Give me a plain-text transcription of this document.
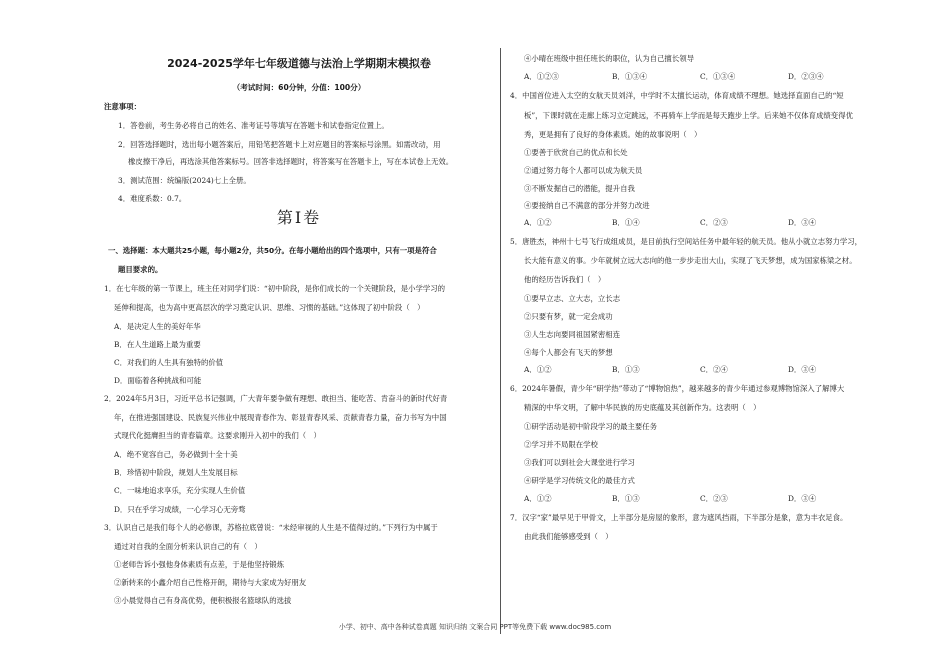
2024-2025学年七年级道德与法治上学期期末模拟卷

（考试时间：60分钟，分值：100分）

注意事项：

1．答卷前，考生务必将自己的姓名、准考证号等填写在答题卡和试卷指定位置上。

2．回答选择题时，选出每小题答案后，用铅笔把答题卡上对应题目的答案标号涂黑。如需改动，用

橡皮擦干净后，再选涂其他答案标号。回答非选择题时，将答案写在答题卡上，写在本试卷上无效。

3．测试范围：统编版(2024)七上全册。

4．难度系数：0.7。

第Ⅰ卷

一、选择题：本大题共25小题，每小题2分，共50分。在每小题给出的四个选项中，只有一项是符合

题目要求的。

1．在七年级的第一节课上，班主任对同学们说：“初中阶段，是你们成长的一个关键阶段，是小学学习的

延伸和提高，也为高中更高层次的学习奠定认识、思维、习惯的基础。”这体现了初中阶段（　）

A．是决定人生的美好年华

B．在人生道路上最为重要

C．对我们的人生具有独特的价值

D．面临着各种挑战和可能

2．2024年5月3日，习近平总书记强调，广大青年要争做有理想、敢担当、能吃苦、肯奋斗的新时代好青

年，在推进强国建设、民族复兴伟业中展现青春作为、彰显青春风采、贡献青春力量，奋力书写为中国

式现代化挺膺担当的青春篇章。这要求刚升入初中的我们（　）

A．绝不宽容自己，务必做到十全十美

B．珍惜初中阶段，规划人生发展目标

C．一味地追求享乐，充分实现人生价值

D．只在乎学习成绩，一心学习心无旁骛

3．认识自己是我们每个人的必修课，苏格拉底曾说：“未经审视的人生是不值得过的。”下列行为中属于

通过对自我的全面分析来认识自己的有（　）

①老师告诉小强他身体素质有点差，于是他坚持锻炼

②新转来的小鑫介绍自己性格开朗，期待与大家成为好朋友

③小晨觉得自己有身高优势，便积极报名篮球队的选拔

④小晴在班级中担任班长的职位，认为自己擅长领导

A．①②③	B．①③④	C．①③④	D．②③④

4．中国首位进入太空的女航天员刘洋，中学时不太擅长运动，体育成绩不理想。她选择直面自己的“短

板”，下课时就在走廊上练习立定跳远，不再骑车上学而是每天跑步上学。后来她不仅体育成绩变得优

秀，更是拥有了良好的身体素质。她的故事说明（　）

①要善于欣赏自己的优点和长处

②通过努力每个人都可以成为航天员

③不断发掘自己的潜能，提升自我

④要接纳自己不满意的部分并努力改进

A．①②	B．①④	C．②③	D．③④

5．唐胜杰，神州十七号飞行成组成员，是目前执行空间站任务中最年轻的航天员。他从小就立志努力学习，

长大能有意义的事。少年就树立远大志向的他一步步走出大山，实现了飞天梦想，成为国家栋梁之材。

他的经历告诉我们（　）

①要早立志、立大志，立长志

②只要有梦，就一定会成功

③人生志向要同祖国紧密相连

④每个人都会有飞天的梦想

A．①②	B．①③	C．②④	D．③④

6．2024年暑假，青少年“研学热”带动了“博物馆热”，越来越多的青少年通过参观博物馆深入了解博大

精深的中华文明，了解中华民族的历史底蕴及其创新作为。这表明（　）

①研学活动是初中阶段学习的最主要任务

②学习并不局限在学校

③我们可以到社会大课堂进行学习

④研学是学习传统文化的最佳方式

A．①②	B．①③	C．②③	D．③④

7．汉字“家”最早见于甲骨文，上半部分是房屋的象形，意为遮风挡雨，下半部分是象，意为丰衣足食。

由此我们能够感受到（　）

小学、初中、高中各种试卷真题 知识归纳 文案合同 PPT等免费下载 www.doc985.com
